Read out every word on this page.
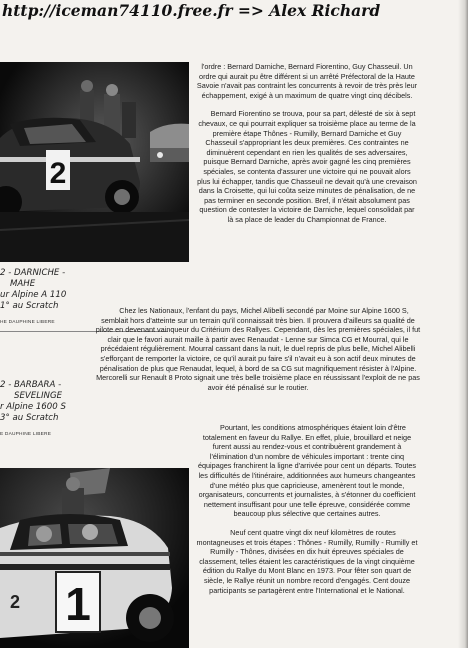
http://iceman74110.free.fr => Alex Richard
2
2 - DARNICHE -
MAHE
ur Alpine A 110
1° au Scratch
HE DAUPHINE LIBERE
2 - BARBARA -
SEVELINGE
r Alpine 1600 S
3° au Scratch
E DAUPHINE LIBERE
1
2

l'ordre : Bernard Darniche, Bernard Fiorentino, Guy Chasseuil. Un ordre qui aurait pu être différent si un arrêté Préfectoral de la Haute Savoie n'avait pas contraint les concurrents à revoir de très près leur échappement, exigé à un maximum de quatre vingt cinq décibels.

Bernard Fiorentino se trouva, pour sa part, délesté de six à sept chevaux, ce qui pourrait expliquer sa troisième place au terme de la première étape Thônes - Rumilly, Bernard Darniche et Guy Chasseuil s'appropriant les deux premières. Ces contraintes ne diminuèrent cependant en rien les qualités de ses adversaires, puisque Bernard Darniche, après avoir gagné les cinq premières spéciales, se contenta d'assurer une victoire qui ne pouvait alors plus lui échapper, tandis que Chasseuil ne devait qu'à une crevaison dans la Croisette, qui lui coûta seize minutes de pénalisation, de ne pas terminer en seconde position. Bref, il n'était absolument pas question de contester la victoire de Darniche, lequel consolidait par là sa place de leader du Championnat de France.

Chez les Nationaux, l'enfant du pays, Michel Alibelli secondé par Moine sur Alpine 1600 S, semblait hors d'atteinte sur un terrain qu'il connaissait très bien. Il prouvera d'ailleurs sa qualité de pilote en devenant vainqueur du Critérium des Rallyes. Cependant, dès les premières spéciales, il fut clair que le favori aurait maille à partir avec Renaudat - Lenne sur Simca CG et Mourral, qui le précédaient régulièrement. Mourral cassant dans la nuit, le duel repris de plus belle, Michel Alibelli s'efforçant de remporter la victoire, ce qu'il aurait pu faire s'il n'avait eu à son actif deux minutes de pénalisation de plus que Renaudat, lequel, à bord de sa CG sut magnifiquement résister à l'Alpine. Mercorelli sur Renault 8 Proto signait une très belle troisième place en réussissant l'exploit de ne pas avoir été pénalisé sur le routier.

Pourtant, les conditions atmosphériques étaient loin d'être totalement en faveur du Rallye. En effet, pluie, brouillard et neige furent aussi au rendez-vous et contribuèrent grandement à l'élimination d'un nombre de véhicules important : trente cinq équipages franchirent la ligne d'arrivée pour cent un départs. Toutes les difficultés de l'itinéraire, additionnées aux humeurs changeantes d'une météo plus que capricieuse, amenèrent tout le monde, organisateurs, concurrents et journalistes, à s'étonner du coefficient nettement insuffisant pour une telle épreuve, considérée comme beaucoup plus sélective que certaines autres.

Neuf cent quatre vingt dix neuf kilomètres de routes montagneuses et trois étapes : Thônes - Rumilly, Rumilly - Rumilly et Rumilly - Thônes, divisées en dix huit épreuves spéciales de classement, telles étaient les caractéristiques de la vingt cinquième édition du Rallye du Mont Blanc en 1973. Pour fêter son quart de siècle, le Rallye réunit un nombre record d'engagés. Cent douze participants se partagèrent entre l'International et le National.
